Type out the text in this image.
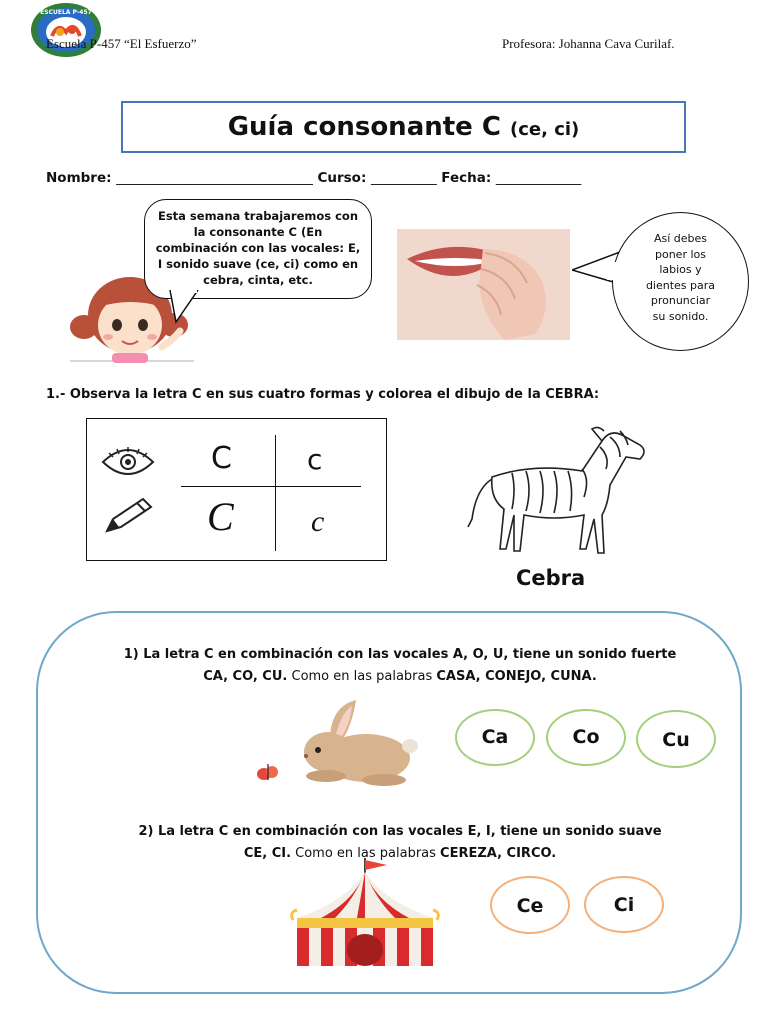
ESCUELA P-457
Escuela P-457 “El Esfuerzo”	Profesora: Johanna Cava Curilaf.
Guía consonante C (ce, ci)
Nombre: ______________________________ Curso: __________ Fecha: _____________
Esta semana trabajaremos con la consonante C (En combinación con las vocales: E, I sonido suave (ce, ci) como en cebra, cinta, etc.
Así debes
poner los
labios y
dientes para
pronunciar
su sonido.
1.- Observa la letra C en sus cuatro formas y colorea el dibujo de la CEBRA:
C	c
C	c
Cebra
1) La letra C en combinación con las vocales A, O, U, tiene un sonido fuerte
CA, CO, CU. Como en las palabras CASA, CONEJO, CUNA.
Ca	Co	Cu
2) La letra C en combinación con las vocales E, I, tiene un sonido suave
CE, CI. Como en las palabras CEREZA, CIRCO.
Ce	Ci
